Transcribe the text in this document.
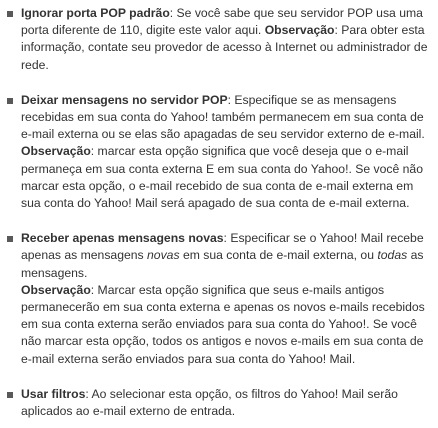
Ignorar porta POP padrão: Se você sabe que seu servidor POP usa uma porta diferente de 110, digite este valor aqui. Observação: Para obter esta informação, contate seu provedor de acesso à Internet ou administrador de rede.
Deixar mensagens no servidor POP: Especifique se as mensagens recebidas em sua conta do Yahoo! também permanecem em sua conta de e-mail externa ou se elas são apagadas de seu servidor externo de e-mail.
Observação: marcar esta opção significa que você deseja que o e-mail permaneça em sua conta externa E em sua conta do Yahoo!. Se você não marcar esta opção, o e-mail recebido de sua conta de e-mail externa em sua conta do Yahoo! Mail será apagado de sua conta de e-mail externa.
Receber apenas mensagens novas: Especificar se o Yahoo! Mail recebe apenas as mensagens novas em sua conta de e-mail externa, ou todas as mensagens.
Observação: Marcar esta opção significa que seus e-mails antigos permanecerão em sua conta externa e apenas os novos e-mails recebidos em sua conta externa serão enviados para sua conta do Yahoo!. Se você não marcar esta opção, todos os antigos e novos e-mails em sua conta de e-mail externa serão enviados para sua conta do Yahoo! Mail.
Usar filtros: Ao selecionar esta opção, os filtros do Yahoo! Mail serão aplicados ao e-mail externo de entrada.
